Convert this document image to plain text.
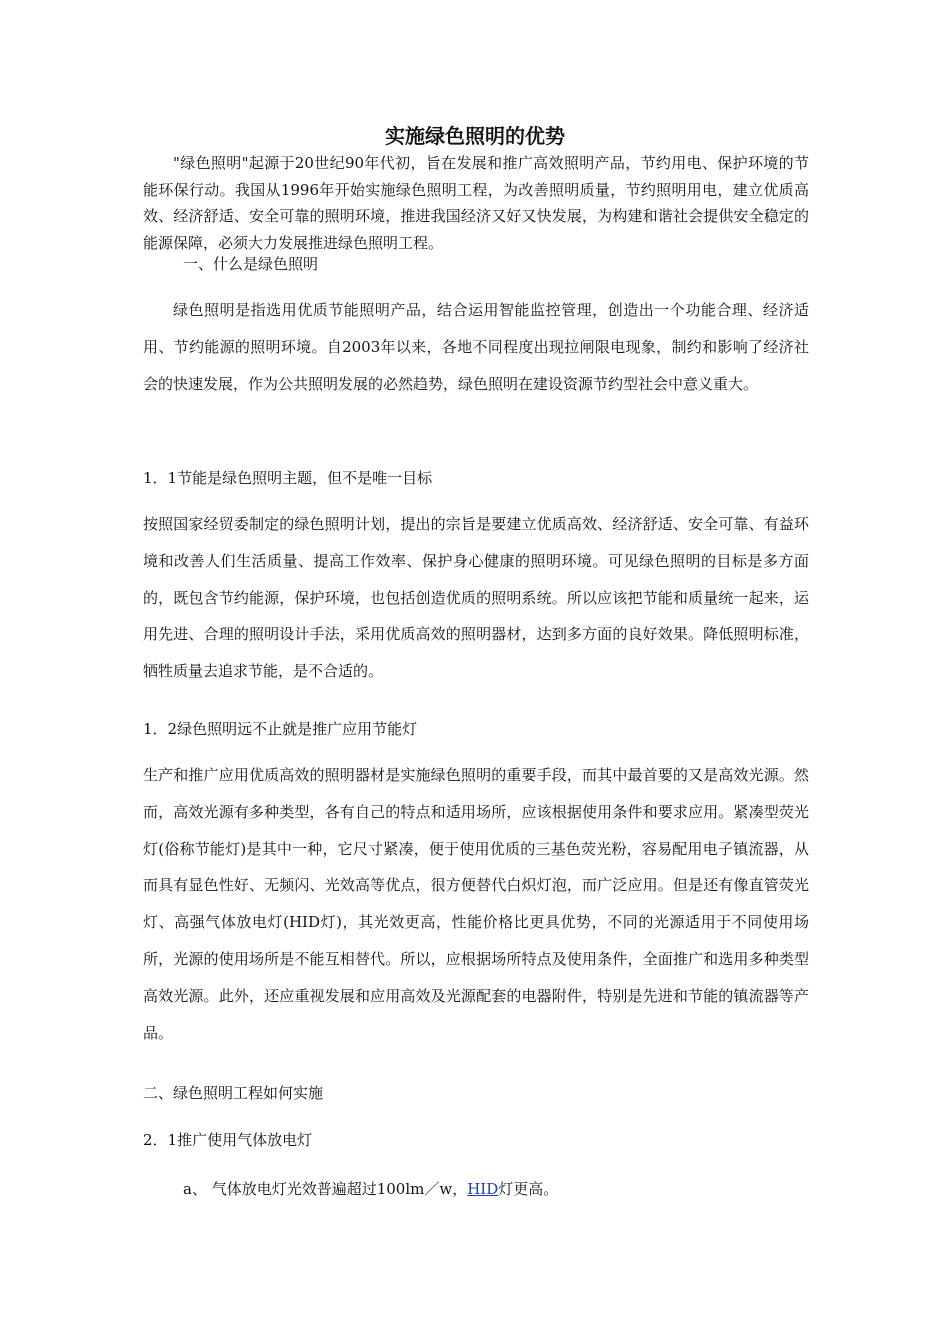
实施绿色照明的优势

"绿色照明"起源于20世纪90年代初，旨在发展和推广高效照明产品，节约用电、保护环境的节能环保行动。我国从1996年开始实施绿色照明工程，为改善照明质量，节约照明用电，建立优质高效、经济舒适、安全可靠的照明环境，推进我国经济又好又快发展，为构建和谐社会提供安全稳定的能源保障，必须大力发展推进绿色照明工程。

一、什么是绿色照明

绿色照明是指选用优质节能照明产品，结合运用智能监控管理，创造出一个功能合理、经济适用、节约能源的照明环境。自2003年以来，各地不同程度出现拉闸限电现象，制约和影响了经济社会的快速发展，作为公共照明发展的必然趋势，绿色照明在建设资源节约型社会中意义重大。

1．1节能是绿色照明主题，但不是唯一目标

按照国家经贸委制定的绿色照明计划，提出的宗旨是要建立优质高效、经济舒适、安全可靠、有益环境和改善人们生活质量、提高工作效率、保护身心健康的照明环境。可见绿色照明的目标是多方面的，既包含节约能源，保护环境，也包括创造优质的照明系统。所以应该把节能和质量统一起来，运用先进、合理的照明设计手法，采用优质高效的照明器材，达到多方面的良好效果。降低照明标准，牺牲质量去追求节能，是不合适的。

1．2绿色照明远不止就是推广应用节能灯

生产和推广应用优质高效的照明器材是实施绿色照明的重要手段，而其中最首要的又是高效光源。然而，高效光源有多种类型，各有自己的特点和适用场所，应该根据使用条件和要求应用。紧凑型荧光灯(俗称节能灯)是其中一种，它尺寸紧凑，便于使用优质的三基色荧光粉，容易配用电子镇流器，从而具有显色性好、无频闪、光效高等优点，很方便替代白炽灯泡，而广泛应用。但是还有像直管荧光灯、高强气体放电灯(HID灯)，其光效更高，性能价格比更具优势，不同的光源适用于不同使用场所，光源的使用场所是不能互相替代。所以，应根据场所特点及使用条件，全面推广和选用多种类型高效光源。此外，还应重视发展和应用高效及光源配套的电器附件，特别是先进和节能的镇流器等产品。

二、绿色照明工程如何实施

2．1推广使用气体放电灯

a、 气体放电灯光效普遍超过100lm／w，HID灯更高。
